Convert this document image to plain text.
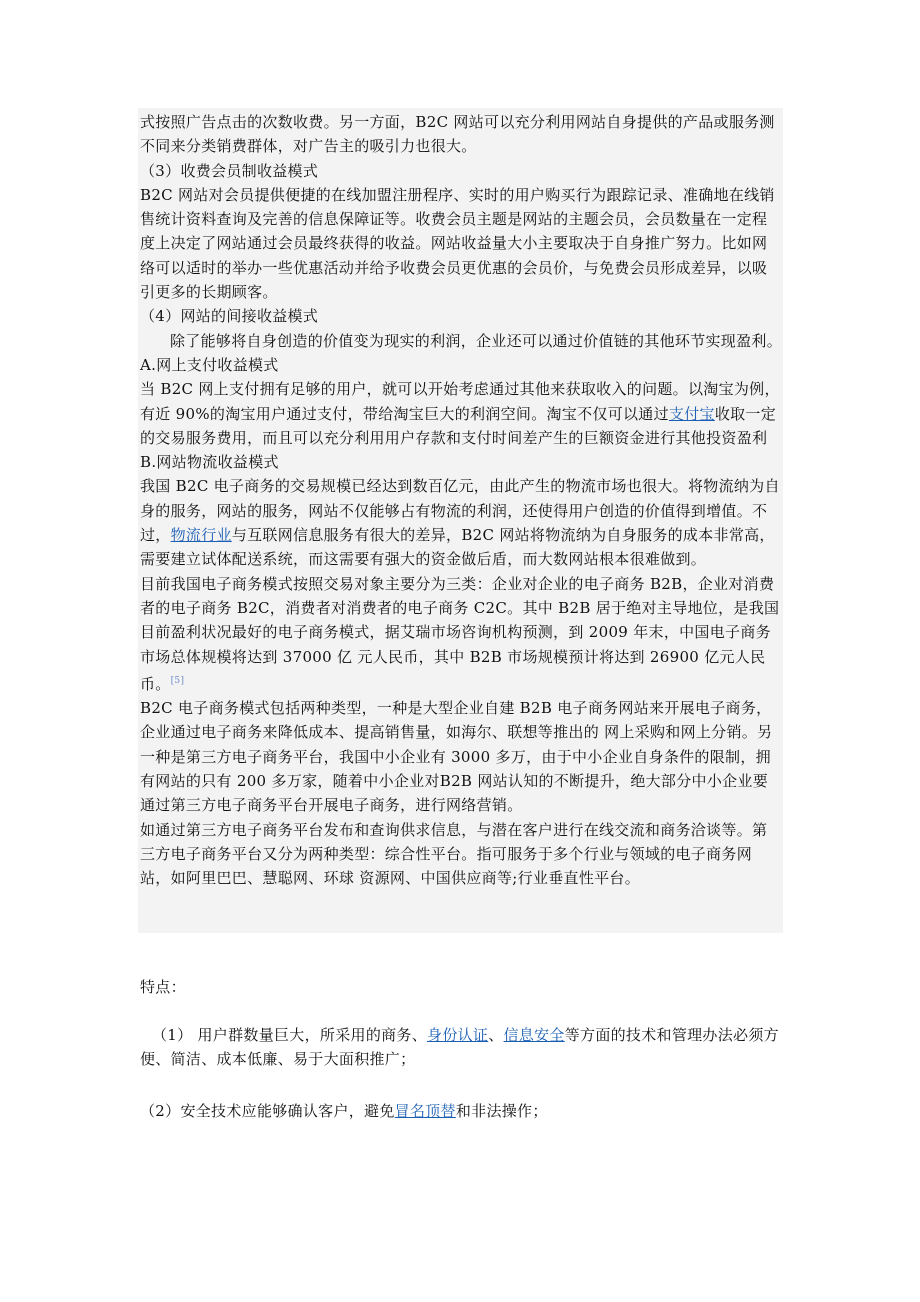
式按照广告点击的次数收费。另一方面，B2C 网站可以充分利用网站自身提供的产品或服务测不同来分类销费群体，对广告主的吸引力也很大。

（3）收费会员制收益模式

B2C 网站对会员提供便捷的在线加盟注册程序、实时的用户购买行为跟踪记录、准确地在线销售统计资料查询及完善的信息保障证等。收费会员主题是网站的主题会员，会员数量在一定程度上决定了网站通过会员最终获得的收益。网站收益量大小主要取决于自身推广努力。比如网络可以适时的举办一些优惠活动并给予收费会员更优惠的会员价，与免费会员形成差异，以吸引更多的长期顾客。

（4）网站的间接收益模式

除了能够将自身创造的价值变为现实的利润，企业还可以通过价值链的其他环节实现盈利。

A.网上支付收益模式

当 B2C 网上支付拥有足够的用户，就可以开始考虑通过其他来获取收入的问题。以淘宝为例，有近 90%的淘宝用户通过支付，带给淘宝巨大的利润空间。淘宝不仅可以通过支付宝收取一定的交易服务费用，而且可以充分利用用户存款和支付时间差产生的巨额资金进行其他投资盈利

B.网站物流收益模式

我国 B2C 电子商务的交易规模已经达到数百亿元，由此产生的物流市场也很大。将物流纳为自身的服务，网站的服务，网站不仅能够占有物流的利润，还使得用户创造的价值得到增值。不过，物流行业与互联网信息服务有很大的差异，B2C 网站将物流纳为自身服务的成本非常高，需要建立试体配送系统，而这需要有强大的资金做后盾，而大数网站根本很难做到。

目前我国电子商务模式按照交易对象主要分为三类：企业对企业的电子商务 B2B，企业对消费者的电子商务 B2C，消费者对消费者的电子商务 C2C。其中 B2B 居于绝对主导地位，是我国目前盈利状况最好的电子商务模式，据艾瑞市场咨询机构预测，到 2009 年末，中国电子商务市场总体规模将达到 37000 亿 元人民币，其中 B2B 市场规模预计将达到 26900 亿元人民币。[5]

B2C 电子商务模式包括两种类型，一种是大型企业自建 B2B 电子商务网站来开展电子商务，企业通过电子商务来降低成本、提高销售量，如海尔、联想等推出的 网上采购和网上分销。另一种是第三方电子商务平台，我国中小企业有 3000 多万，由于中小企业自身条件的限制，拥有网站的只有 200 多万家，随着中小企业对B2B 网站认知的不断提升，绝大部分中小企业要通过第三方电子商务平台开展电子商务，进行网络营销。

如通过第三方电子商务平台发布和查询供求信息，与潜在客户进行在线交流和商务洽谈等。第三方电子商务平台又分为两种类型：综合性平台。指可服务于多个行业与领域的电子商务网站，如阿里巴巴、慧聪网、环球 资源网、中国供应商等;行业垂直性平台。

特点：
（1） 用户群数量巨大，所采用的商务、身份认证、信息安全等方面的技术和管理办法必须方便、简洁、成本低廉、易于大面积推广；
（2）安全技术应能够确认客户，避免冒名顶替和非法操作；
